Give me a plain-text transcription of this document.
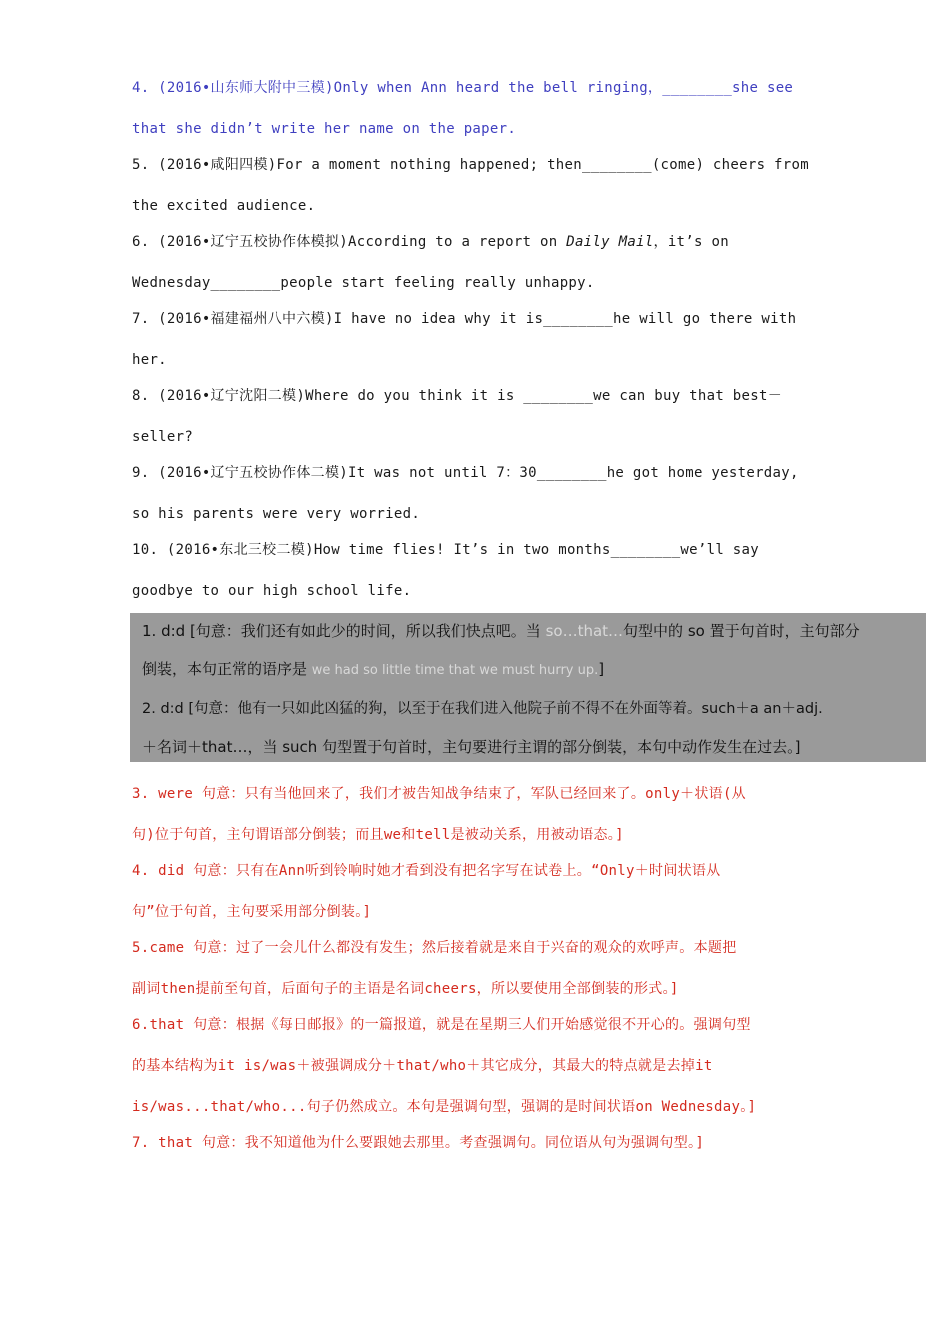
4. (2016•山东师大附中三模)Only when Ann heard the bell ringing，________she see
that she didn’t write her name on the paper.
5. (2016•咸阳四模)For a moment nothing happened; then________(come) cheers from
the excited audience.
6. (2016•辽宁五校协作体模拟)According to a report on Daily Mail，it’s on
Wednesday________people start feeling really unhappy.
7. (2016•福建福州八中六模)I have no idea why it is________he will go there with
her.
8. (2016•辽宁沈阳二模)Where do you think it is ________we can buy that best－
seller?
9. (2016•辽宁五校协作体二模)It was not until 7：30________he got home yesterday,
so his parents were very worried.
10. (2016•东北三校二模)How time flies! It’s in two months________we’ll say
goodbye to our high school life.
1. d:d [句意：我们还有如此少的时间，所以我们快点吧。当 so…that…句型中的 so 置于句首时，主句部分
倒装，本句正常的语序是 we had so little time that we must hurry up.]
2. d:d [句意：他有一只如此凶猛的狗，以至于在我们进入他院子前不得不在外面等着。such＋a an＋adj.
＋名词＋that…，当 such 句型置于句首时，主句要进行主谓的部分倒装，本句中动作发生在过去。]
3. were 句意：只有当他回来了，我们才被告知战争结束了，军队已经回来了。only＋状语(从
句)位于句首，主句谓语部分倒装；而且we和tell是被动关系，用被动语态。]
4. did 句意：只有在Ann听到铃响时她才看到没有把名字写在试卷上。“Only＋时间状语从
句”位于句首，主句要采用部分倒装。]
5.came 句意：过了一会儿什么都没有发生；然后接着就是来自于兴奋的观众的欢呼声。本题把
副词then提前至句首，后面句子的主语是名词cheers，所以要使用全部倒装的形式。]
6.that 句意：根据《每日邮报》的一篇报道，就是在星期三人们开始感觉很不开心的。强调句型
的基本结构为it is/was＋被强调成分＋that/who＋其它成分，其最大的特点就是去掉it
is/was...that/who...句子仍然成立。本句是强调句型，强调的是时间状语on Wednesday。]
7. that 句意：我不知道他为什么要跟她去那里。考查强调句。同位语从句为强调句型。]
